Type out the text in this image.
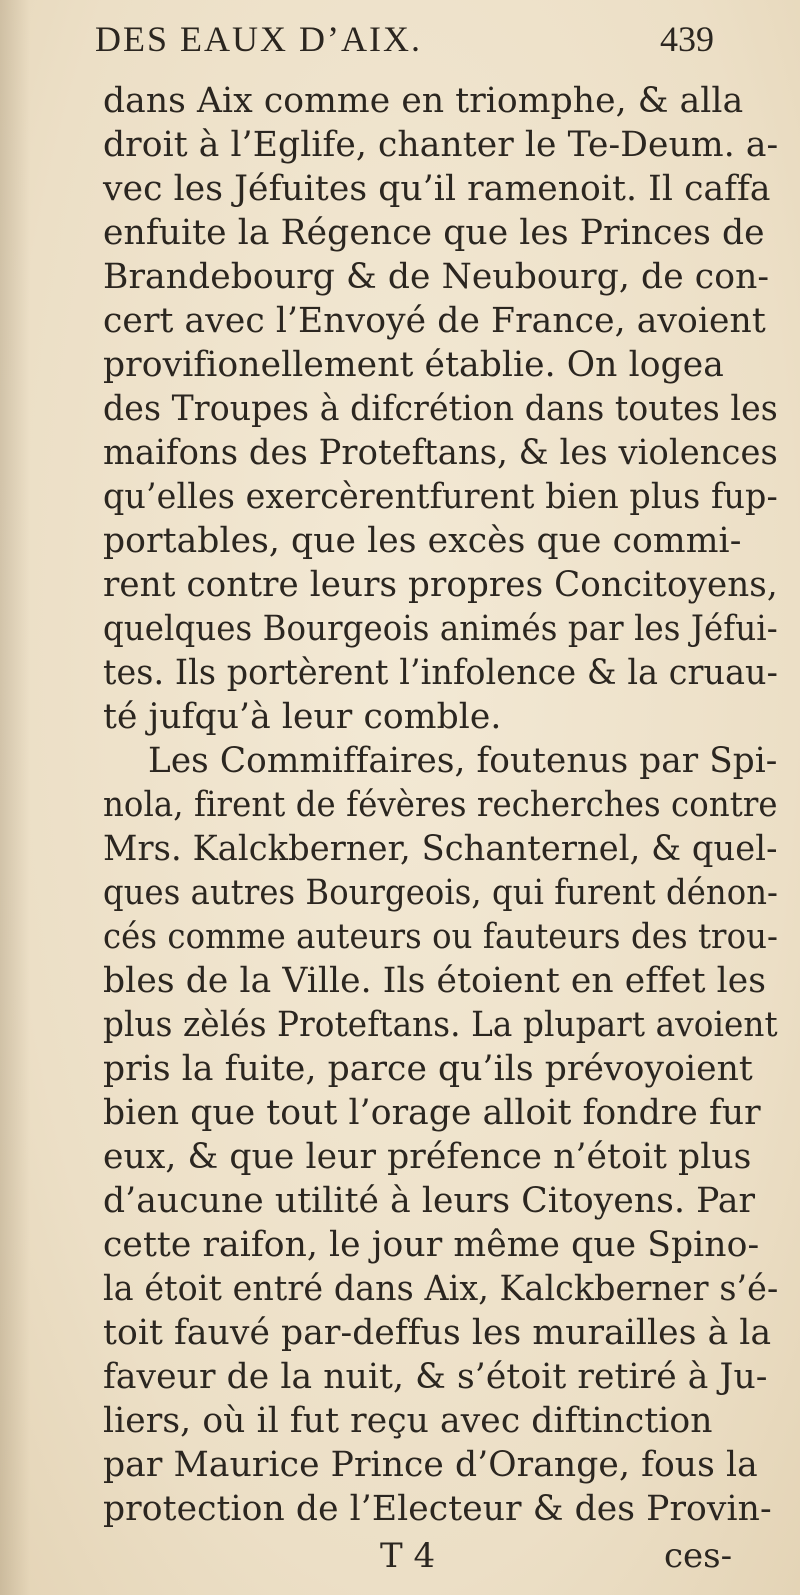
DES EAUX D’AIX.	439
dans Aix comme en triomphe, & alla
droit à l’Eglife, chanter le Te-Deum. a-
vec les Jéfuites qu’il ramenoit. Il caffa
enfuite la Régence que les Princes de
Brandebourg & de Neubourg, de con-
cert avec l’Envoyé de France, avoient
provifionellement établie. On logea
des Troupes à difcrétion dans toutes les
maifons des Proteftans, & les violences
qu’elles exercèrentfurent bien plus fup-
portables, que les excès que commi-
rent contre leurs propres Concitoyens,
quelques Bourgeois animés par les Jéfui-
tes. Ils portèrent l’infolence & la cruau-
té jufqu’à leur comble.
Les Commiffaires, foutenus par Spi-
nola, firent de févères recherches contre
Mrs. Kalckberner, Schanternel, & quel-
ques autres Bourgeois, qui furent dénon-
cés comme auteurs ou fauteurs des trou-
bles de la Ville. Ils étoient en effet les
plus zèlés Proteftans. La plupart avoient
pris la fuite, parce qu’ils prévoyoient
bien que tout l’orage alloit fondre fur
eux, & que leur préfence n’étoit plus
d’aucune utilité à leurs Citoyens. Par
cette raifon, le jour même que Spino-
la étoit entré dans Aix, Kalckberner s’é-
toit fauvé par-deffus les murailles à la
faveur de la nuit, & s’étoit retiré à Ju-
liers, où il fut reçu avec diftinction
par Maurice Prince d’Orange, fous la
protection de l’Electeur & des Provin-
T 4	ces-
